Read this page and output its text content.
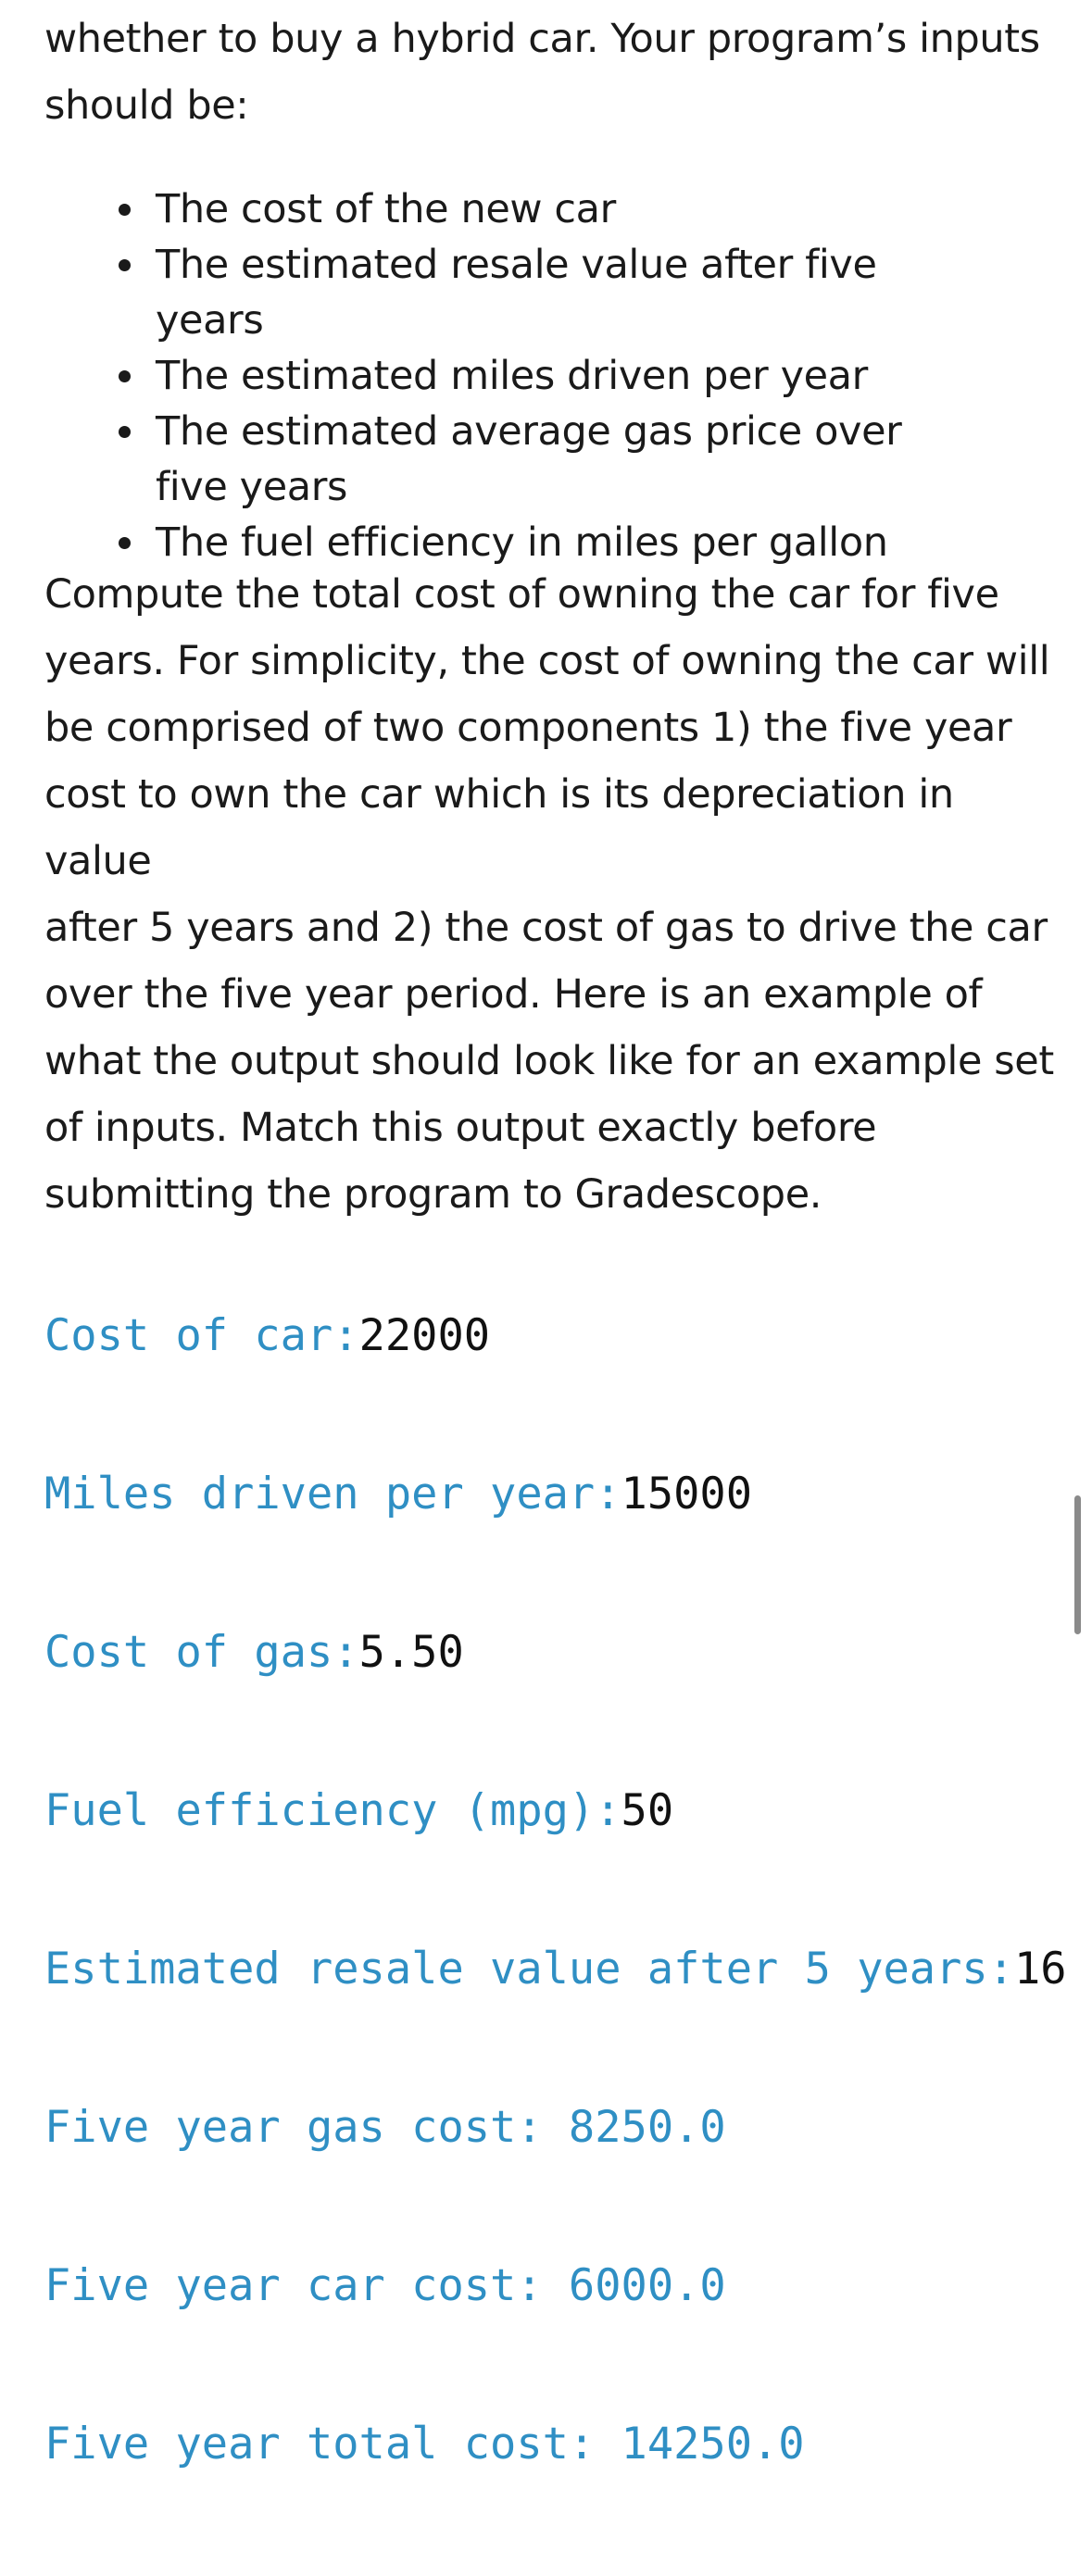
whether to buy a hybrid car. Your program’s inputs
should be:

The cost of the new car
The estimated resale value after five years
The estimated miles driven per year
The estimated average gas price over five years
The fuel efficiency in miles per gallon

Compute the total cost of owning the car for five
years. For simplicity, the cost of owning the car will
be comprised of two components 1) the five year
cost to own the car which is its depreciation in value
after 5 years and 2) the cost of gas to drive the car
over the five year period. Here is an example of
what the output should look like for an example set
of inputs. Match this output exactly before
submitting the program to Gradescope.

Cost of car:22000

Miles driven per year:15000

Cost of gas:5.50

Fuel efficiency (mpg):50

Estimated resale value after 5 years:16

Five year gas cost: 8250.0

Five year car cost: 6000.0

Five year total cost: 14250.0
